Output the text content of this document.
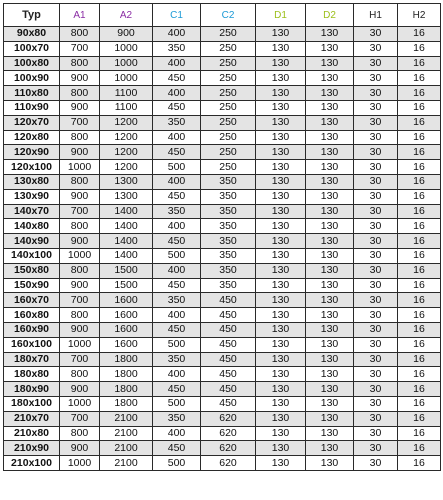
Typ	A1	A2	C1	C2	D1	D2	H1	H2
90x80	800	900	400	250	130	130	30	16
100x70	700	1000	350	250	130	130	30	16
100x80	800	1000	400	250	130	130	30	16
100x90	900	1000	450	250	130	130	30	16
110x80	800	1100	400	250	130	130	30	16
110x90	900	1100	450	250	130	130	30	16
120x70	700	1200	350	250	130	130	30	16
120x80	800	1200	400	250	130	130	30	16
120x90	900	1200	450	250	130	130	30	16
120x100	1000	1200	500	250	130	130	30	16
130x80	800	1300	400	350	130	130	30	16
130x90	900	1300	450	350	130	130	30	16
140x70	700	1400	350	350	130	130	30	16
140x80	800	1400	400	350	130	130	30	16
140x90	900	1400	450	350	130	130	30	16
140x100	1000	1400	500	350	130	130	30	16
150x80	800	1500	400	350	130	130	30	16
150x90	900	1500	450	350	130	130	30	16
160x70	700	1600	350	450	130	130	30	16
160x80	800	1600	400	450	130	130	30	16
160x90	900	1600	450	450	130	130	30	16
160x100	1000	1600	500	450	130	130	30	16
180x70	700	1800	350	450	130	130	30	16
180x80	800	1800	400	450	130	130	30	16
180x90	900	1800	450	450	130	130	30	16
180x100	1000	1800	500	450	130	130	30	16
210x70	700	2100	350	620	130	130	30	16
210x80	800	2100	400	620	130	130	30	16
210x90	900	2100	450	620	130	130	30	16
210x100	1000	2100	500	620	130	130	30	16
